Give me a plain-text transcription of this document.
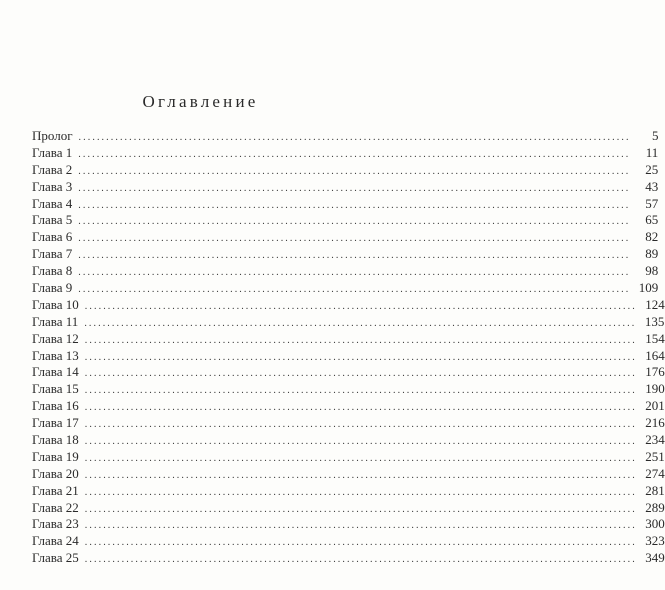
Оглавление
Пролог ........................................................................................................................	5
Глава 1 ........................................................................................................................	11
Глава 2 ........................................................................................................................	25
Глава 3 ........................................................................................................................	43
Глава 4 ........................................................................................................................	57
Глава 5 ........................................................................................................................	65
Глава 6 ........................................................................................................................	82
Глава 7 ........................................................................................................................	89
Глава 8 ........................................................................................................................	98
Глава 9 ........................................................................................................................ 109
Глава 10 ........................................................................................................................ 124
Глава 11 ........................................................................................................................ 135
Глава 12 ........................................................................................................................ 154
Глава 13 ........................................................................................................................ 164
Глава 14 ........................................................................................................................ 176
Глава 15 ........................................................................................................................ 190
Глава 16 ........................................................................................................................ 201
Глава 17 ........................................................................................................................ 216
Глава 18 ........................................................................................................................ 234
Глава 19 ........................................................................................................................ 251
Глава 20 ........................................................................................................................ 274
Глава 21 ........................................................................................................................ 281
Глава 22 ........................................................................................................................ 289
Глава 23 ........................................................................................................................ 300
Глава 24 ........................................................................................................................ 323
Глава 25 ........................................................................................................................ 349
